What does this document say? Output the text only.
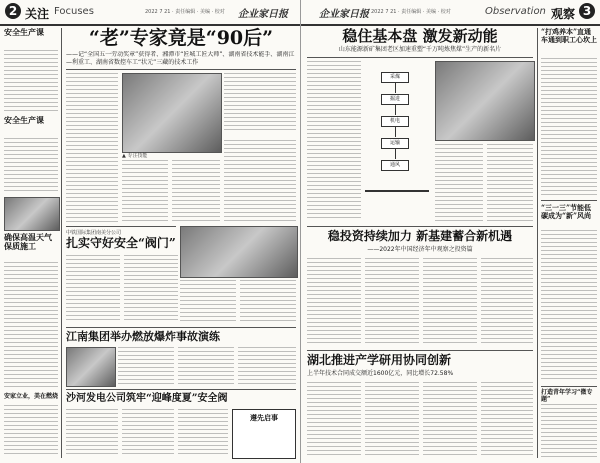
2 关注 Focuses	2022 7 21 · 责任编辑 · 美编 · 校对 企业家日报
安全生产课
安全生产课
确保高温天气保质施工
安家立业，美在燃烧
“老”专家竟是“90后”
——记“全国五一劳动奖章”获得者、湘潭市“匠城工匠大师”、湖南省技术能手、湖南江—利重工、湖南省数控车工“状元”三藏的技术工作
▲ 专注技能
中铁国际集团南美分公司
扎实守好安全“阀门”
江南集团举办燃放爆炸事故演练
沙河发电公司筑牢“迎峰度夏”安全阀
遵先启事
企业家日报 2022 7 21 · 责任编辑 · 美编 · 校对	Observation 观察 3
稳住基本盘 激发新动能
山东能源新矿集团老区加速重塑“千万吨炼焦煤”生产的新名片
采煤
掘进
机电
运输
通风
稳投资持续加力 新基建蓄合新机遇
——2022年中国经济年中观察之投资篇
湖北推进产学研用协同创新
上半年技术合同成交额近1600亿元，同比增长72.58%
“打鸡养本”直通车通到职工心坎上
“三一三”节能低碳成为“新”风尚
打造青年学习“微专题”
